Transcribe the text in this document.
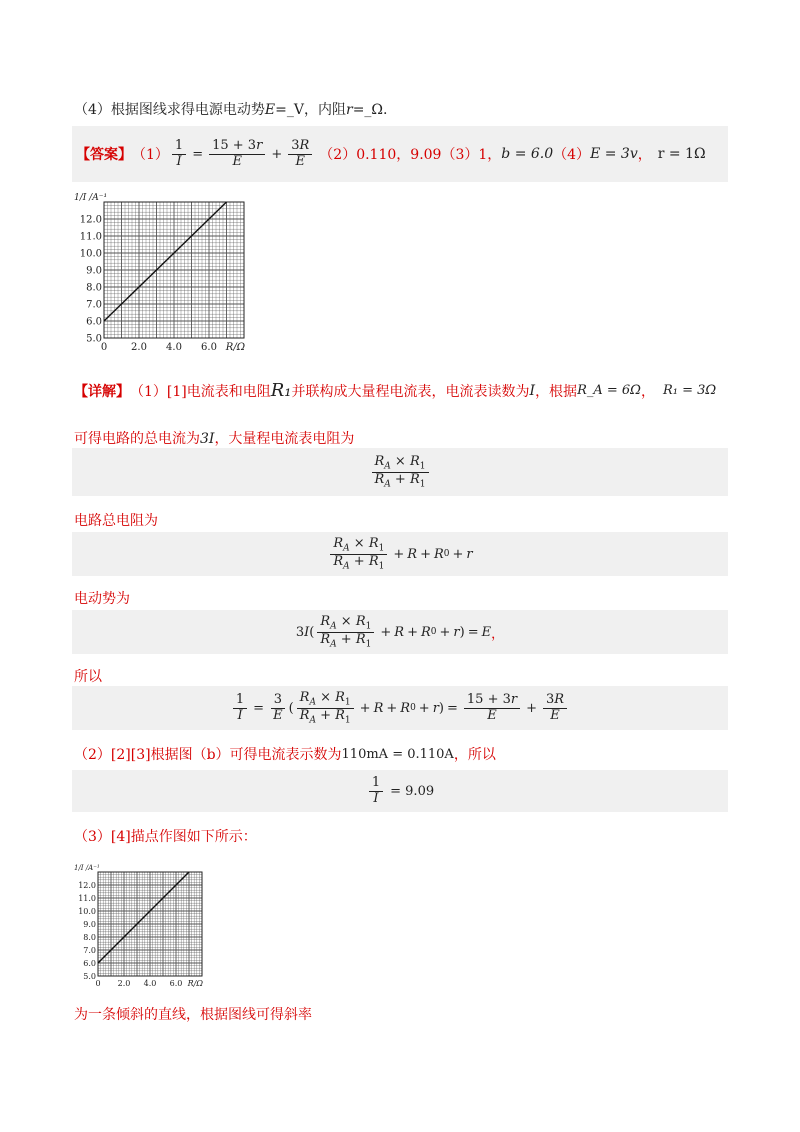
（4）根据图线求得电源电动势E=_V，内阻r=_Ω.
【答案】 $(1) \frac{1}{I} = \frac{15 + 3r}{E} + \frac{3R}{E} (2)0.110$，9.09（3）1， b = 6.0 （4） E = 3v ， r = 1Ω
5.0
6.0
7.0
8.0
9.0
10.0
11.0
12.0
0 2.0 4.0 6.0 R/Ω
1/I /A⁻¹
【详解】 （1）[1]电流表和电阻 R₁ 并联构成大量程电流表，电流表读数为 I ，根据 R_A = 6Ω ， R₁ = 3Ω
可得电路的总电流为3I，大量程电流表电阻为
$\frac{R_A \times R_1}{R_A + R_1}$
电路总电阻为
$\frac{R_A \times R_1}{R_A + R_1} + R + R$ 0 + r
电动势为
3 I ( $\frac{R_A \times R_1}{R_A + R_1} + R + R$ 0 + r ) = E ，
所以
$\frac{1}{I} = \frac{3}{E}$ ( $\frac{R_A \times R_1}{R_A + R_1} + R + R$ 0 + r ) = $\frac{15 + 3r}{E} + \frac{3R}{E}$
（2）[2][3]根据图（b）可得电流表示数为 110mA = 0.110A ，所以
$\frac{1}{I} = 9.09$
（3）[4]描点作图如下所示：
5.0
6.0
7.0
8.0
9.0
10.0
11.0
12.0
0 2.0 4.0 6.0 R/Ω
1/I /A⁻¹
为一条倾斜的直线，根据图线可得斜率
